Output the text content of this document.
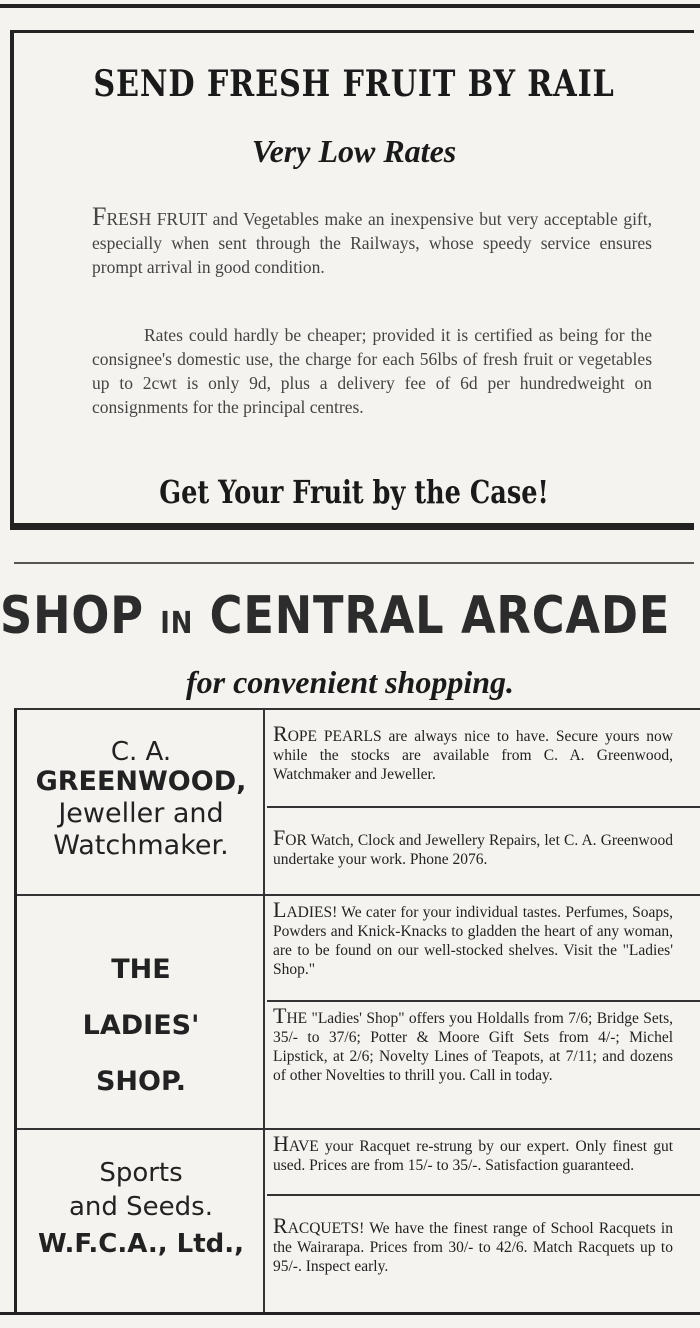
SEND FRESH FRUIT BY RAIL
Very Low Rates
FRESH FRUIT and Vegetables make an inexpensive but very acceptable gift, especially when sent through the Railways, whose speedy service ensures prompt arrival in good condition.
Rates could hardly be cheaper; provided it is certified as being for the consignee's domestic use, the charge for each 56lbs of fresh fruit or vegetables up to 2cwt is only 9d, plus a delivery fee of 6d per hundredweight on consignments for the principal centres.
Get Your Fruit by the Case!
SHOP IN CENTRAL ARCADE
for convenient shopping.
C. A.
GREENWOOD,
Jeweller and
Watchmaker.
ROPE PEARLS are always nice to have. Secure yours now while the stocks are available from C. A. Greenwood, Watchmaker and Jeweller.
FOR Watch, Clock and Jewellery Repairs, let C. A. Greenwood undertake your work. Phone 2076.
THE
LADIES'
SHOP.
LADIES! We cater for your individual tastes. Perfumes, Soaps, Powders and Knick-Knacks to gladden the heart of any woman, are to be found on our well-stocked shelves. Visit the "Ladies' Shop."
THE "Ladies' Shop" offers you Holdalls from 7/6; Bridge Sets, 35/- to 37/6; Potter & Moore Gift Sets from 4/-; Michel Lipstick, at 2/6; Novelty Lines of Teapots, at 7/11; and dozens of other Novelties to thrill you. Call in today.
Sports
and Seeds.
W.F.C.A., Ltd.,
HAVE your Racquet re-strung by our expert. Only finest gut used. Prices are from 15/- to 35/-. Satisfaction guaranteed.
RACQUETS! We have the finest range of School Racquets in the Wairarapa. Prices from 30/- to 42/6. Match Racquets up to 95/-. Inspect early.
